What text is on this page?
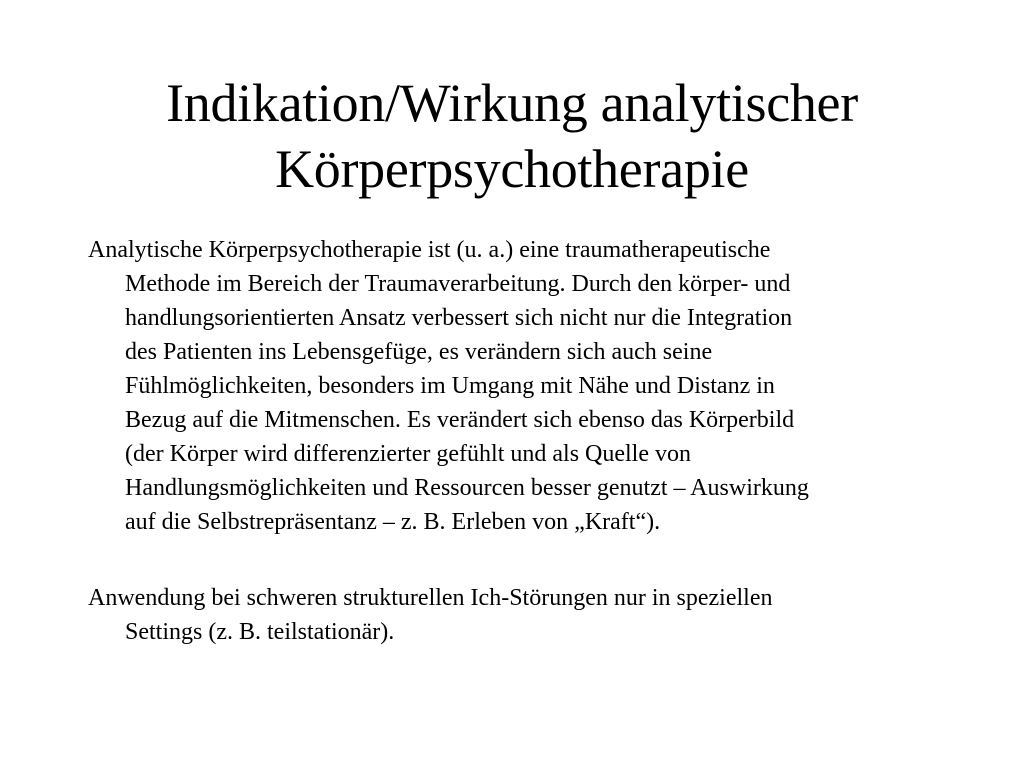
Indikation/Wirkung analytischer
Körperpsychotherapie

Analytische Körperpsychotherapie ist (u. a.) eine traumatherapeutische
Methode im Bereich der Traumaverarbeitung. Durch den körper- und
handlungsorientierten Ansatz verbessert sich nicht nur die Integration
des Patienten ins Lebensgefüge, es verändern sich auch seine
Fühlmöglichkeiten, besonders im Umgang mit Nähe und Distanz in
Bezug auf die Mitmenschen. Es verändert sich ebenso das Körperbild
(der Körper wird differenzierter gefühlt und als Quelle von
Handlungsmöglichkeiten und Ressourcen besser genutzt – Auswirkung
auf die Selbstrepräsentanz – z. B. Erleben von „Kraft“).

Anwendung bei schweren strukturellen Ich-Störungen nur in speziellen
Settings (z. B. teilstationär).
